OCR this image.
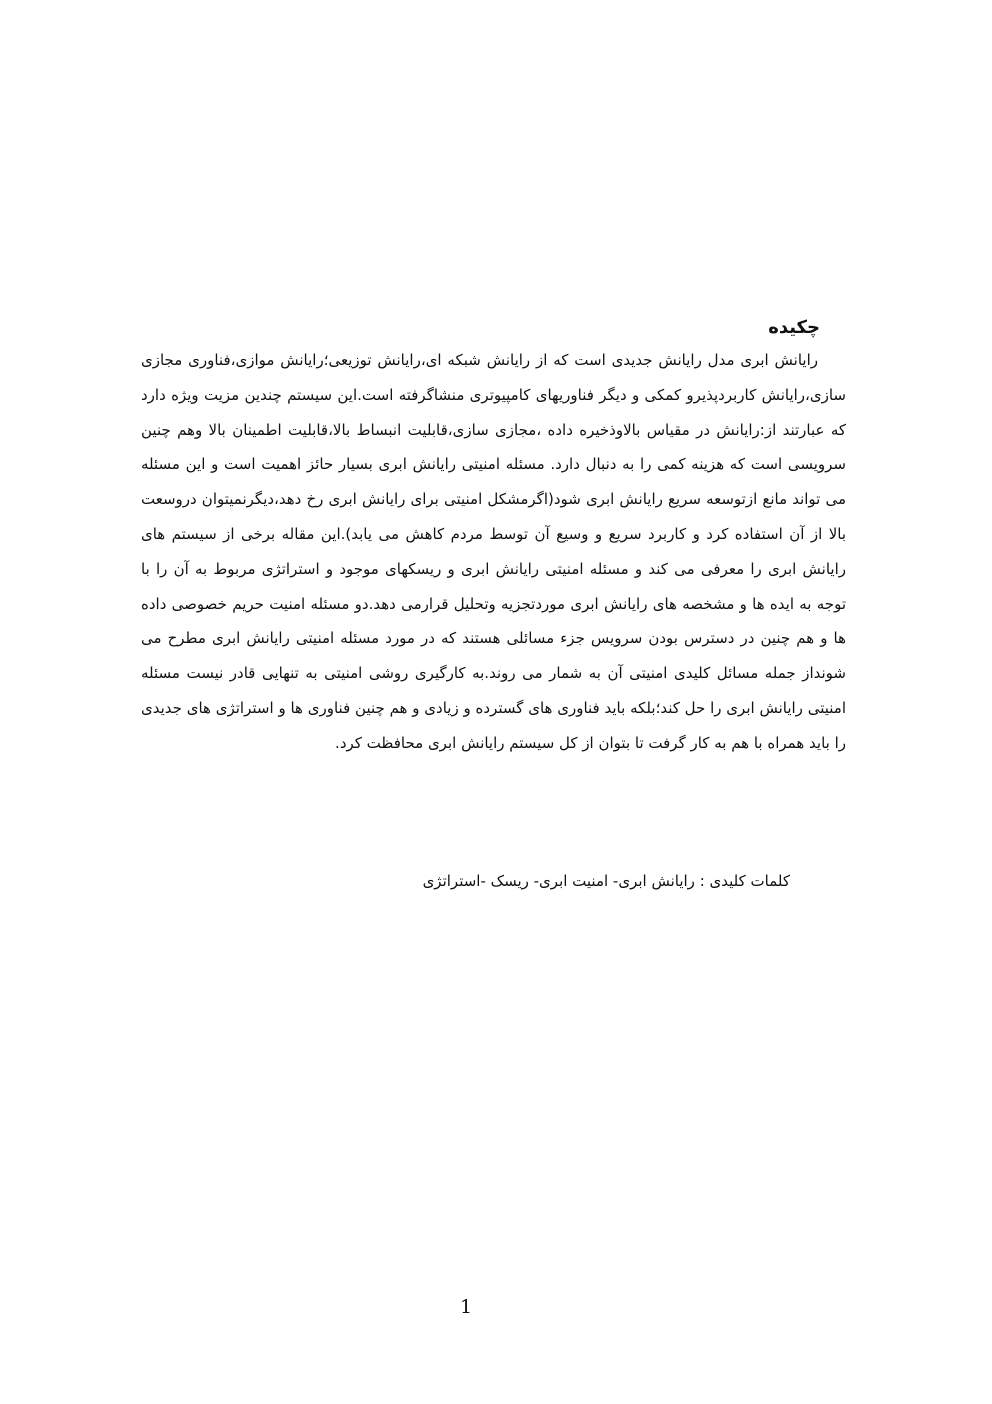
چکیده

رایانش ابری مدل رایانش جدیدی است که از رایانش شبکه ای،رایانش توزیعی؛رایانش موازی،فناوری مجازی سازی،رایانش کاربردپذیرو کمکی و دیگر فناوریهای کامپیوتری منشاگرفته است.این سیستم چندین مزیت ویژه دارد که عبارتند از:رایانش در مقیاس بالاوذخیره داده ،مجازی سازی،قابلیت انبساط بالا،قابلیت اطمینان بالا وهم چنین سرویسی است که هزینه کمی را به دنبال دارد. مسئله امنیتی رایانش ابری بسیار حائز اهمیت است و این مسئله می تواند مانع ازتوسعه سریع رایانش ابری شود(اگرمشکل امنیتی برای رایانش ابری رخ دهد،دیگرنمیتوان دروسعت بالا از آن استفاده کرد و کاربرد سریع و وسیع آن توسط مردم کاهش می یابد).این مقاله برخی از سیستم های رایانش ابری را معرفی می کند و مسئله امنیتی رایانش ابری و ریسکهای موجود و استراتژی مربوط به آن را با توجه به ایده ها و مشخصه های رایانش ابری موردتجزیه وتحلیل قرارمی دهد.دو مسئله امنیت حریم خصوصی داده ها و هم چنین در دسترس بودن سرویس جزء مسائلی هستند که در مورد مسئله امنیتی رایانش ابری مطرح می شونداز جمله مسائل کلیدی امنیتی آن به شمار می روند.به کارگیری روشی امنیتی به تنهایی قادر نیست مسئله امنیتی رایانش ابری را حل کند؛بلکه باید فناوری های گسترده و زیادی و هم چنین فناوری ها و استراتژی های جدیدی را باید همراه با هم به کار گرفت تا بتوان از کل سیستم رایانش ابری محافظت کرد.

کلمات کلیدی : رایانش ابری- امنیت ابری- ریسک -استراتژی

1
